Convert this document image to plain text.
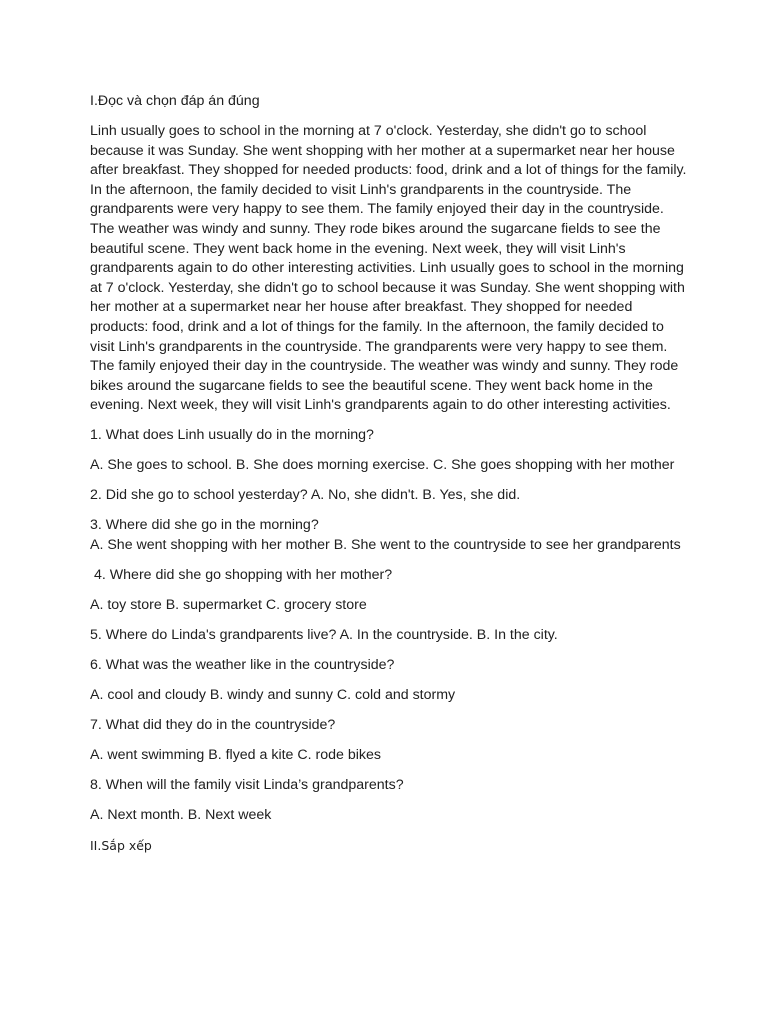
I.Đọc và chọn đáp án đúng

Linh usually goes to school in the morning at 7 o'clock. Yesterday, she didn't go to school because it was Sunday. She went shopping with her mother at a supermarket near her house after breakfast. They shopped for needed products: food, drink and a lot of things for the family. In the afternoon, the family decided to visit Linh's grandparents in the countryside. The grandparents were very happy to see them. The family enjoyed their day in the countryside. The weather was windy and sunny. They rode bikes around the sugarcane fields to see the beautiful scene. They went back home in the evening. Next week, they will visit Linh's grandparents again to do other interesting activities. Linh usually goes to school in the morning at 7 o'clock. Yesterday, she didn't go to school because it was Sunday. She went shopping with her mother at a supermarket near her house after breakfast. They shopped for needed products: food, drink and a lot of things for the family. In the afternoon, the family decided to visit Linh's grandparents in the countryside. The grandparents were very happy to see them. The family enjoyed their day in the countryside. The weather was windy and sunny. They rode bikes around the sugarcane fields to see the beautiful scene. They went back home in the evening. Next week, they will visit Linh's grandparents again to do other interesting activities.

1. What does Linh usually do in the morning?

A. She goes to school. B. She does morning exercise. C. She goes shopping with her mother

2. Did she go to school yesterday? A. No, she didn't. B. Yes, she did.

3. Where did she go in the morning?
A. She went shopping with her mother B. She went to the countryside to see her grandparents

4. Where did she go shopping with her mother?

A. toy store B. supermarket C. grocery store

5. Where do Linda's grandparents live? A. In the countryside. B. In the city.

6. What was the weather like in the countryside?

A. cool and cloudy B. windy and sunny C. cold and stormy

7. What did they do in the countryside?

A. went swimming B. flyed a kite C. rode bikes

8. When will the family visit Linda’s grandparents?

A. Next month. B. Next week

II.Sắp xếp
